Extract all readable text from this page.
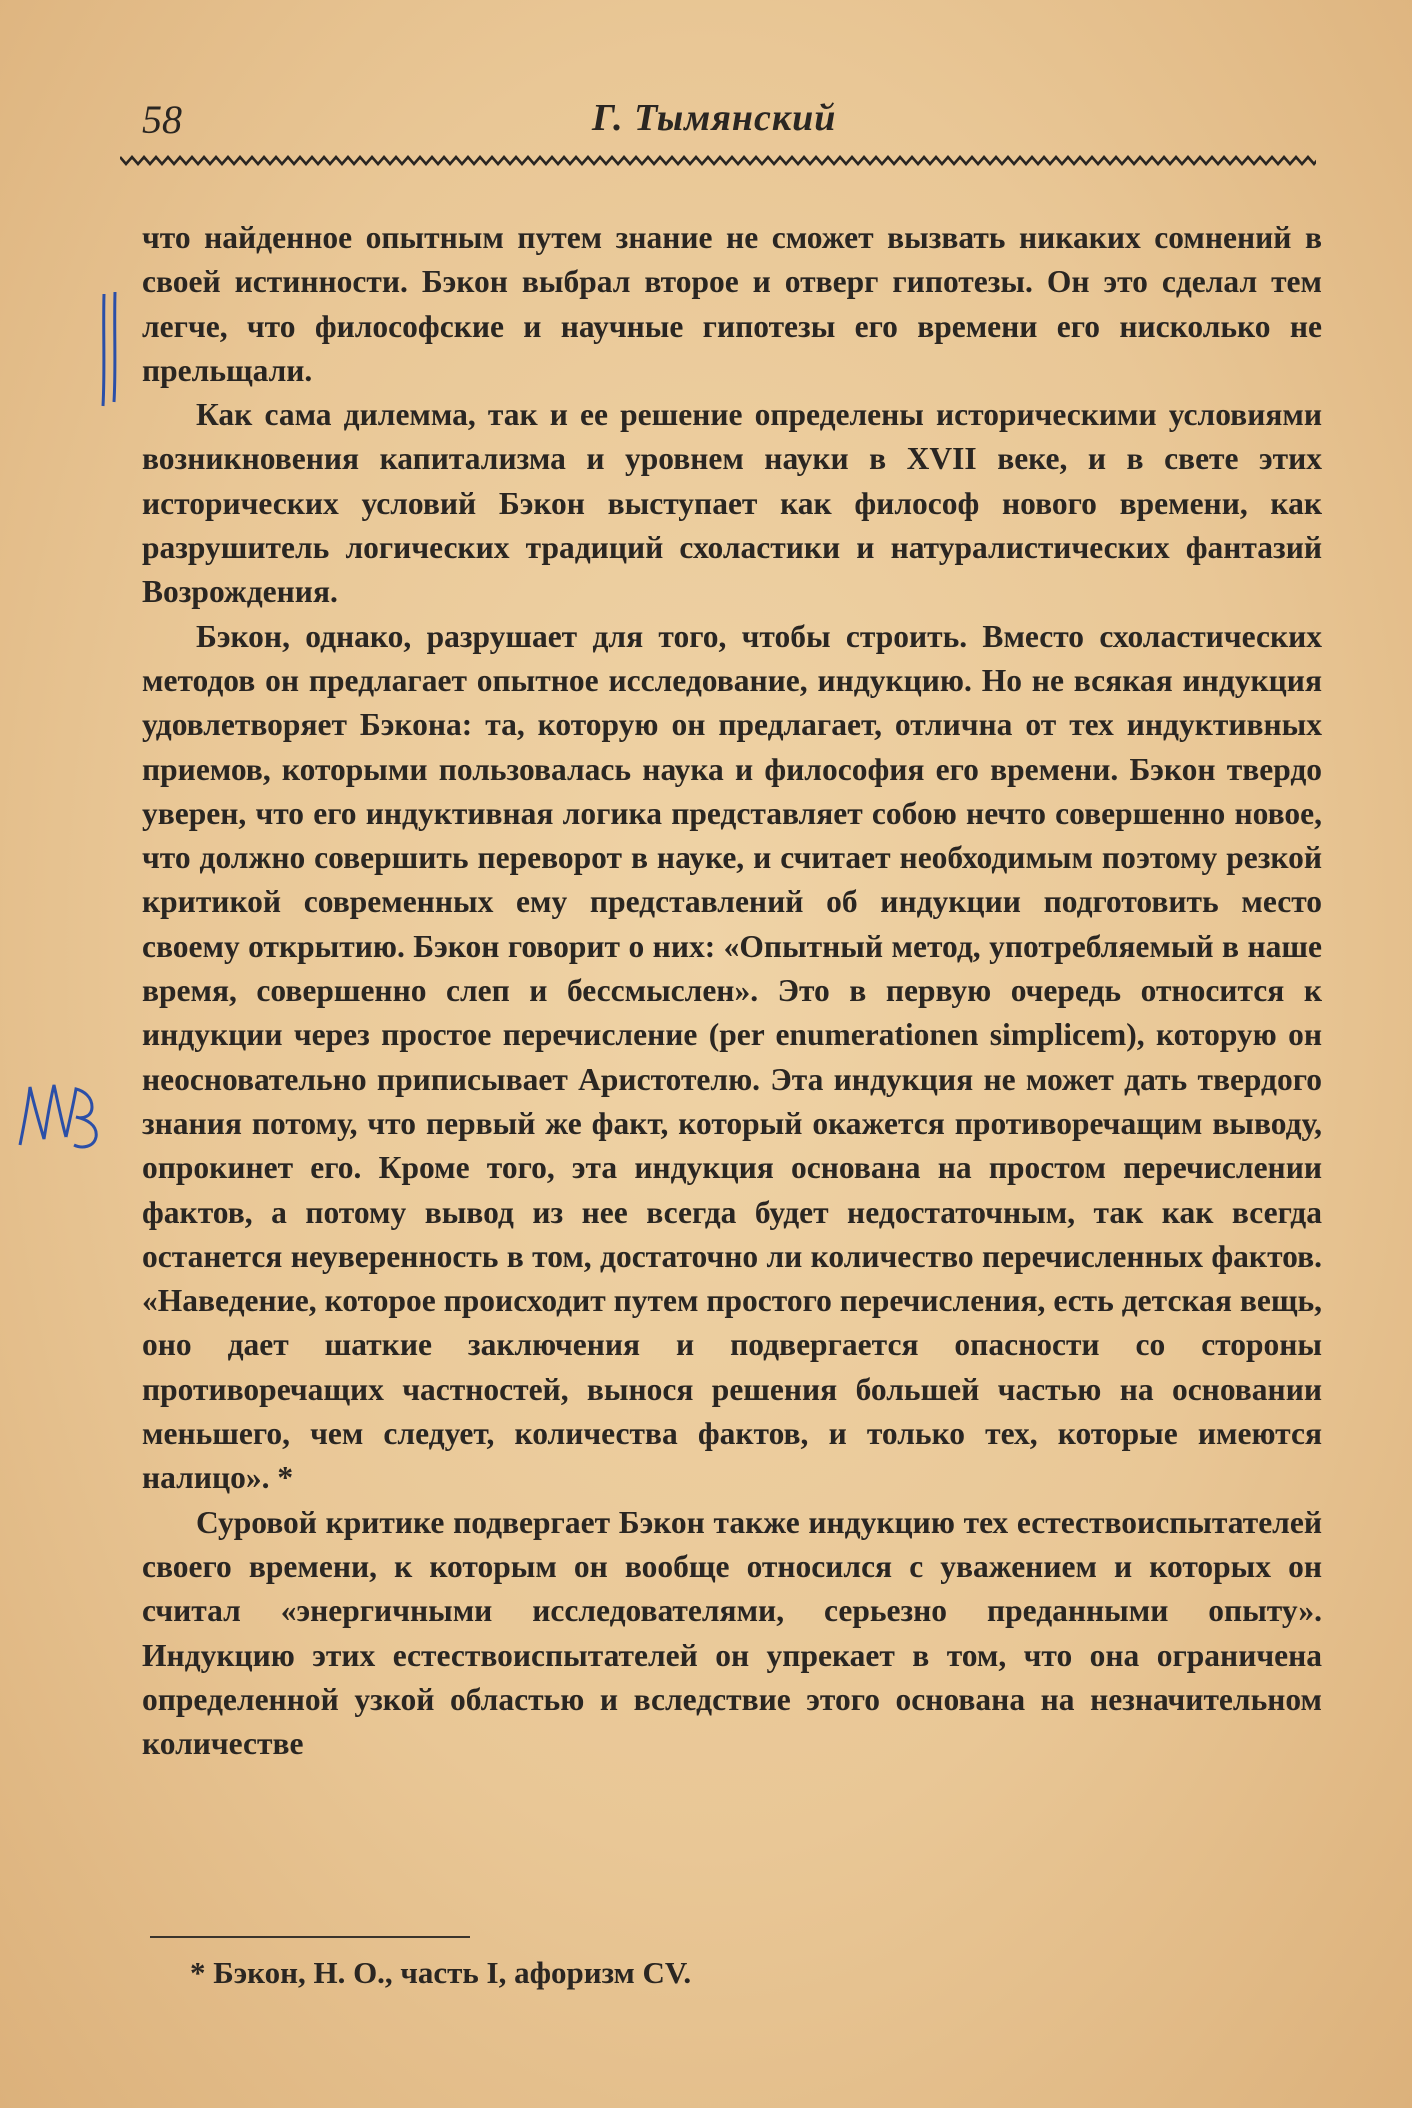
58	Г. Тымянский

что найденное опытным путем знание не сможет вызвать никаких сомнений в своей истинности. Бэкон выбрал второе и отверг гипотезы. Он это сделал тем легче, что философские и научные гипотезы его времени его нисколько не прельщали.

Как сама дилемма, так и ее решение определены историческими условиями возникновения капитализма и уровнем науки в XVII веке, и в свете этих исторических условий Бэкон выступает как философ нового времени, как разрушитель логических традиций схоластики и натуралистических фантазий Возрождения.

Бэкон, однако, разрушает для того, чтобы строить. Вместо схоластических методов он предлагает опытное исследование, индукцию. Но не всякая индукция удовлетворяет Бэкона: та, которую он предлагает, отлична от тех индуктивных приемов, которыми пользовалась наука и философия его времени. Бэкон твердо уверен, что его индуктивная логика представляет собою нечто совершенно новое, что должно совершить переворот в науке, и считает необходимым поэтому резкой критикой современных ему представлений об индукции подготовить место своему открытию. Бэкон говорит о них: «Опытный метод, употребляемый в наше время, совершенно слеп и бессмыслен». Это в первую очередь относится к индукции через простое перечисление (per enumerationen simplicem), которую он неосновательно приписывает Аристотелю. Эта индукция не может дать твердого знания потому, что первый же факт, который окажется противоречащим выводу, опрокинет его. Кроме того, эта индукция основана на простом перечислении фактов, а потому вывод из нее всегда будет недостаточным, так как всегда останется неуверенность в том, достаточно ли количество перечисленных фактов. «Наведение, которое происходит путем простого перечисления, есть детская вещь, оно дает шаткие заключения и подвергается опасности со стороны противоречащих частностей, вынося решения большей частью на основании меньшего, чем следует, количества фактов, и только тех, которые имеются налицо». *

Суровой критике подвергает Бэкон также индукцию тех естествоиспытателей своего времени, к которым он вообще относился с уважением и которых он считал «энергичными исследователями, серьезно преданными опыту». Индукцию этих естествоиспытателей он упрекает в том, что она ограничена определенной узкой областью и вследствие этого основана на незначительном количестве

* Бэкон, Н. О., часть I, афоризм CV.
